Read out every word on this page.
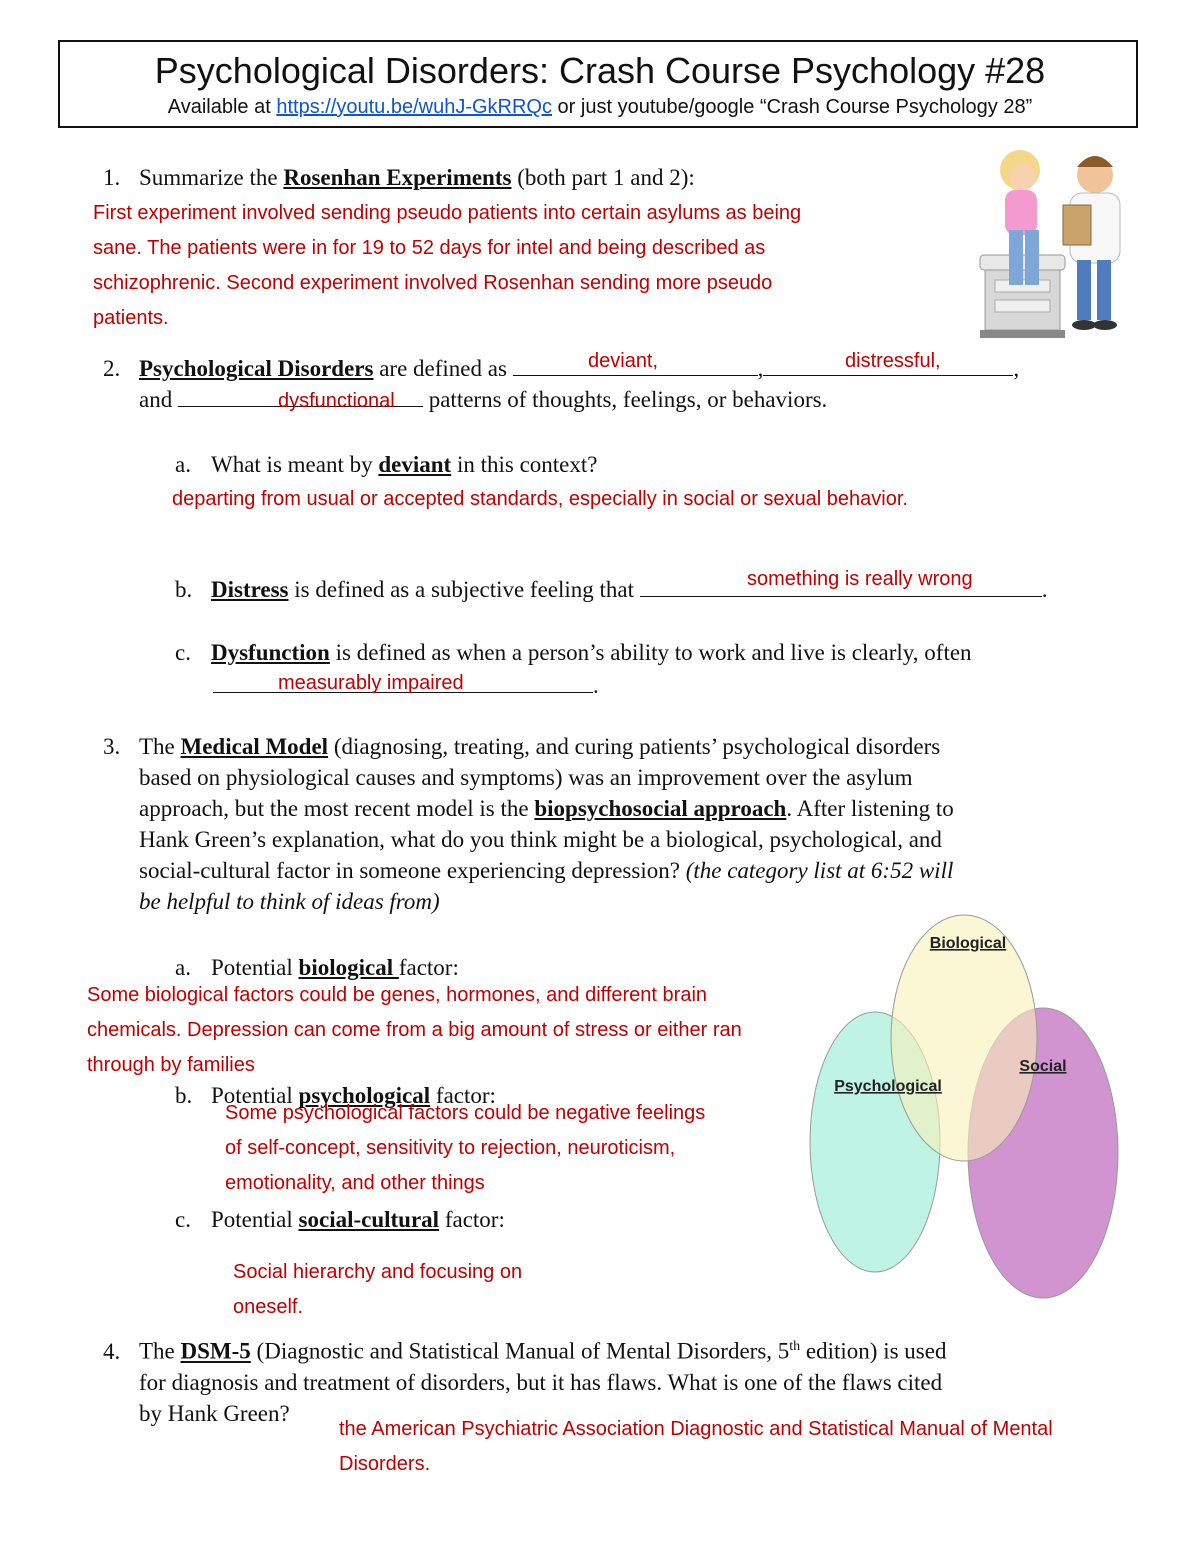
Psychological Disorders: Crash Course Psychology #28
Available at https://youtu.be/wuhJ-GkRRQc or just youtube/google “Crash Course Psychology 28”
1. Summarize the Rosenhan Experiments (both part 1 and 2):
First experiment involved sending pseudo patients into certain asylums as being
sane. The patients were in for 19 to 52 days for intel and being described as
schizophrenic. Second experiment involved Rosenhan sending more pseudo
patients.
2. Psychological Disorders are defined as	,	,
deviant,	distressful,
and	patterns of thoughts, feelings, or behaviors.
dysfunctional
a. What is meant by deviant in this context?
departing from usual or accepted standards, especially in social or sexual behavior.
b. Distress is defined as a subjective feeling that	.
something is really wrong
c. Dysfunction is defined as when a person’s ability to work and live is clearly, often
.
measurably impaired
3. The Medical Model (diagnosing, treating, and curing patients’ psychological disorders
based on physiological causes and symptoms) was an improvement over the asylum
approach, but the most recent model is the biopsychosocial approach. After listening to
Hank Green’s explanation, what do you think might be a biological, psychological, and
social-cultural factor in someone experiencing depression? (the category list at 6:52 will
be helpful to think of ideas from)
Biological
Psychological
Social
a. Potential biological factor:
Some biological factors could be genes, hormones, and different brain
chemicals. Depression can come from a big amount of stress or either ran
through by families
b. Potential psychological factor:
Some psychological factors could be negative feelings
of self-concept, sensitivity to rejection, neuroticism,
emotionality, and other things
c. Potential social-cultural factor:
Social hierarchy and focusing on
oneself.
4. The DSM-5 (Diagnostic and Statistical Manual of Mental Disorders, 5th edition) is used
for diagnosis and treatment of disorders, but it has flaws. What is one of the flaws cited
by Hank Green?
the American Psychiatric Association Diagnostic and Statistical Manual of Mental
Disorders.
